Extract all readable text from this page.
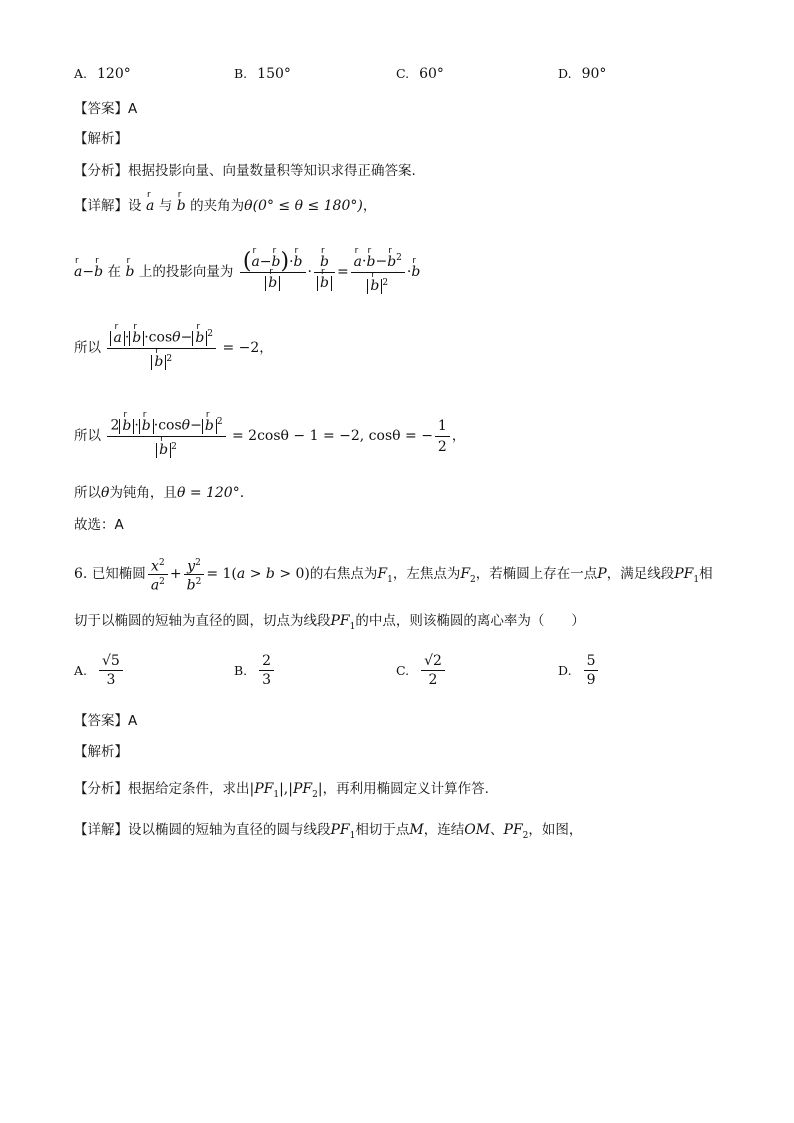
A. 120°	B. 150°	C. 60°	D. 90°
【答案】A
【解析】
【分析】根据投影向量、向量数量积等知识求得正确答案.
【详解】设 r a 与 r b 的夹角为θ(0° ≤ θ ≤ 180°)，
r a−r b 在 r b 上的投影向量为 (r a−r b)·r b
r b · r b
r b = r a·r b−r $b^2$
r b $^2$ ·r b
所以 r a · r b ·cosθ− r b $^2$
r b $^2$ = −2，
所以 2 r b · r b ·cosθ− r b $^2$
r b $^2$ = 2cosθ − 1 = −2, cosθ = − $\frac{1}{2}$ ，
所以θ为钝角，且θ = 120°.
故选：A
6. 已知椭圆 $\frac{x^2}{a^2} + \frac{y^2}{b^2} = 1(a > b > 0)$的右焦点为$F_1$，左焦点为$F_2$，若椭圆上存在一点P，满足线段$PF_1$相
切于以椭圆的短轴为直径的圆，切点为线段$PF_1$的中点，则该椭圆的离心率为（　　）
A. $\frac{√5}{3}$	B. $\frac{2}{3}$	C. $\frac{√2}{2}$	D. $\frac{5}{9}$
【答案】A
【解析】
【分析】根据给定条件，求出$|PF_1|,|PF_2|$，再利用椭圆定义计算作答.
【详解】设以椭圆的短轴为直径的圆与线段$PF_1$相切于点M，连结OM、$PF_2$，如图，
